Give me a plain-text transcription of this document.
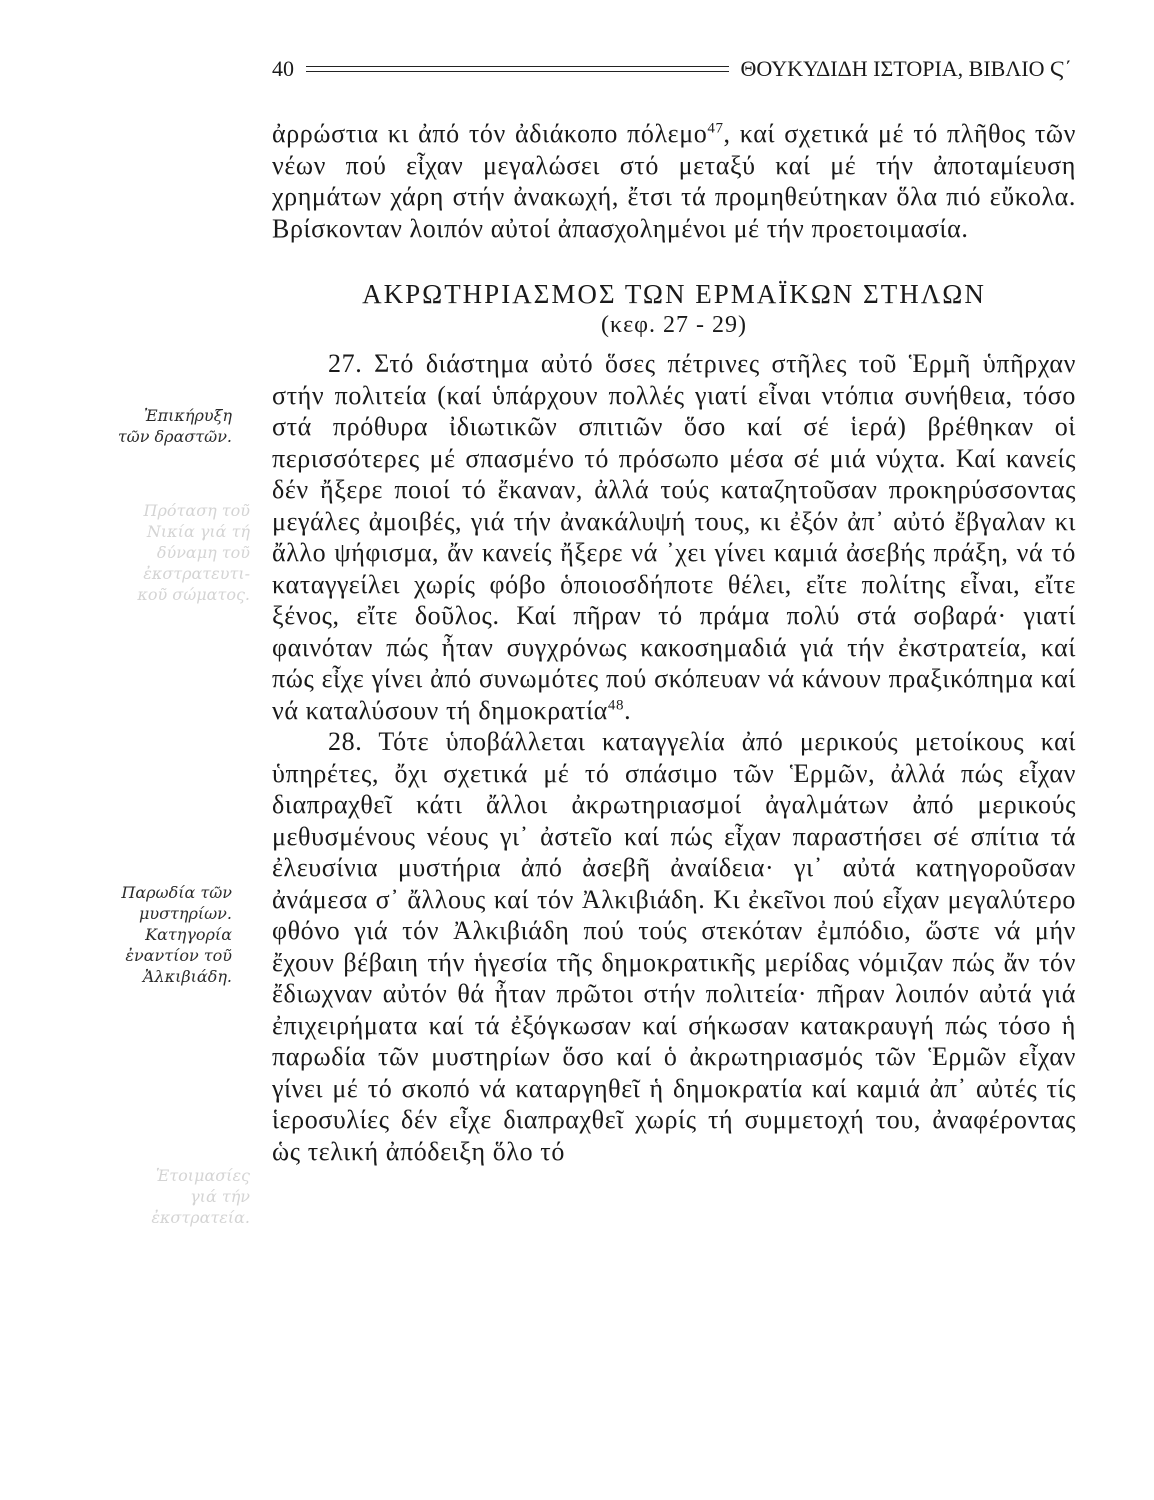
Πρόταση τοῦ
Νικία γιά τή
δύναμη τοῦ
ἐκστρατευτι-
κοῦ σώματος.
Ἑτοιμασίες
γιά τήν
ἐκστρατεία.
40	ΘΟΥΚΥΔΙΔΗ ΙΣΤΟΡΙΑ, ΒΙΒΛΙΟ Ϛ΄
Ἐπικήρυξη
τῶν δραστῶν.
Παρωδία τῶν
μυστηρίων.
Κατηγορία
ἐναντίον τοῦ
Ἀλκιβιάδη.

ἀρρώστια κι ἀπό τόν ἀδιάκοπο πόλεμο$^{47}$, καί σχετικά μέ τό πλῆθος τῶν νέων πού εἶχαν μεγαλώσει στό μεταξύ καί μέ τήν ἀποταμίευση χρημάτων χάρη στήν ἀνακωχή, ἔτσι τά προμηθεύτηκαν ὅλα πιό εὔκολα. Βρίσκονταν λοιπόν αὐτοί ἀπασχολημένοι μέ τήν προετοιμασία.

ΑΚΡΩΤΗΡΙΑΣΜΟΣ ΤΩΝ ΕΡΜΑΪΚΩΝ ΣΤΗΛΩΝ

(κεφ. 27 - 29)

27. Στό διάστημα αὐτό ὅσες πέτρινες στῆλες τοῦ Ἑρμῆ ὑπῆρχαν στήν πολιτεία (καί ὑπάρχουν πολλές γιατί εἶναι ντόπια συνήθεια, τόσο στά πρόθυρα ἰδιωτικῶν σπιτιῶν ὅσο καί σέ ἱερά) βρέθηκαν οἱ περισσότερες μέ σπασμένο τό πρόσωπο μέσα σέ μιά νύχτα. Καί κανείς δέν ἤξερε ποιοί τό ἔκαναν, ἀλλά τούς καταζητοῦσαν προκηρύσσοντας μεγάλες ἀμοιβές, γιά τήν ἀνακάλυψή τους, κι ἐξόν ἀπ᾽ αὐτό ἔβγαλαν κι ἄλλο ψήφισμα, ἄν κανείς ἤξερε νά ᾽χει γίνει καμιά ἀσεβής πράξη, νά τό καταγγείλει χωρίς φόβο ὁποιοσδήποτε θέλει, εἴτε πολίτης εἶναι, εἴτε ξένος, εἴτε δοῦλος. Καί πῆραν τό πράμα πολύ στά σοβαρά· γιατί φαινόταν πώς ἦταν συγχρόνως κακοσημαδιά γιά τήν ἐκστρατεία, καί πώς εἶχε γίνει ἀπό συνωμότες πού σκόπευαν νά κάνουν πραξικόπημα καί νά καταλύσουν τή δημοκρατία$^{48}$.

28. Τότε ὑποβάλλεται καταγγελία ἀπό μερικούς μετοίκους καί ὑπηρέτες, ὄχι σχετικά μέ τό σπάσιμο τῶν Ἑρμῶν, ἀλλά πώς εἶχαν διαπραχθεῖ κάτι ἄλλοι ἀκρωτηριασμοί ἀγαλμάτων ἀπό μερικούς μεθυσμένους νέους γι᾽ ἀστεῖο καί πώς εἶχαν παραστήσει σέ σπίτια τά ἐλευσίνια μυστήρια ἀπό ἀσεβῆ ἀναίδεια· γι᾽ αὐτά κατηγοροῦσαν ἀνάμεσα σ᾽ ἄλλους καί τόν Ἀλκιβιάδη. Κι ἐκεῖνοι πού εἶχαν μεγαλύτερο φθόνο γιά τόν Ἀλκιβιάδη πού τούς στεκόταν ἐμπόδιο, ὥστε νά μήν ἔχουν βέβαιη τήν ἡγεσία τῆς δημοκρατικῆς μερίδας νόμιζαν πώς ἄν τόν ἔδιωχναν αὐτόν θά ἦταν πρῶτοι στήν πολιτεία· πῆραν λοιπόν αὐτά γιά ἐπιχειρήματα καί τά ἐξόγκωσαν καί σήκωσαν κατακραυγή πώς τόσο ἡ παρωδία τῶν μυστηρίων ὅσο καί ὁ ἀκρωτηριασμός τῶν Ἑρμῶν εἶχαν γίνει μέ τό σκοπό νά καταργηθεῖ ἡ δημοκρατία καί καμιά ἀπ᾽ αὐτές τίς ἱεροσυλίες δέν εἶχε διαπραχθεῖ χωρίς τή συμμετοχή του, ἀναφέροντας ὡς τελική ἀπόδειξη ὅλο τό
